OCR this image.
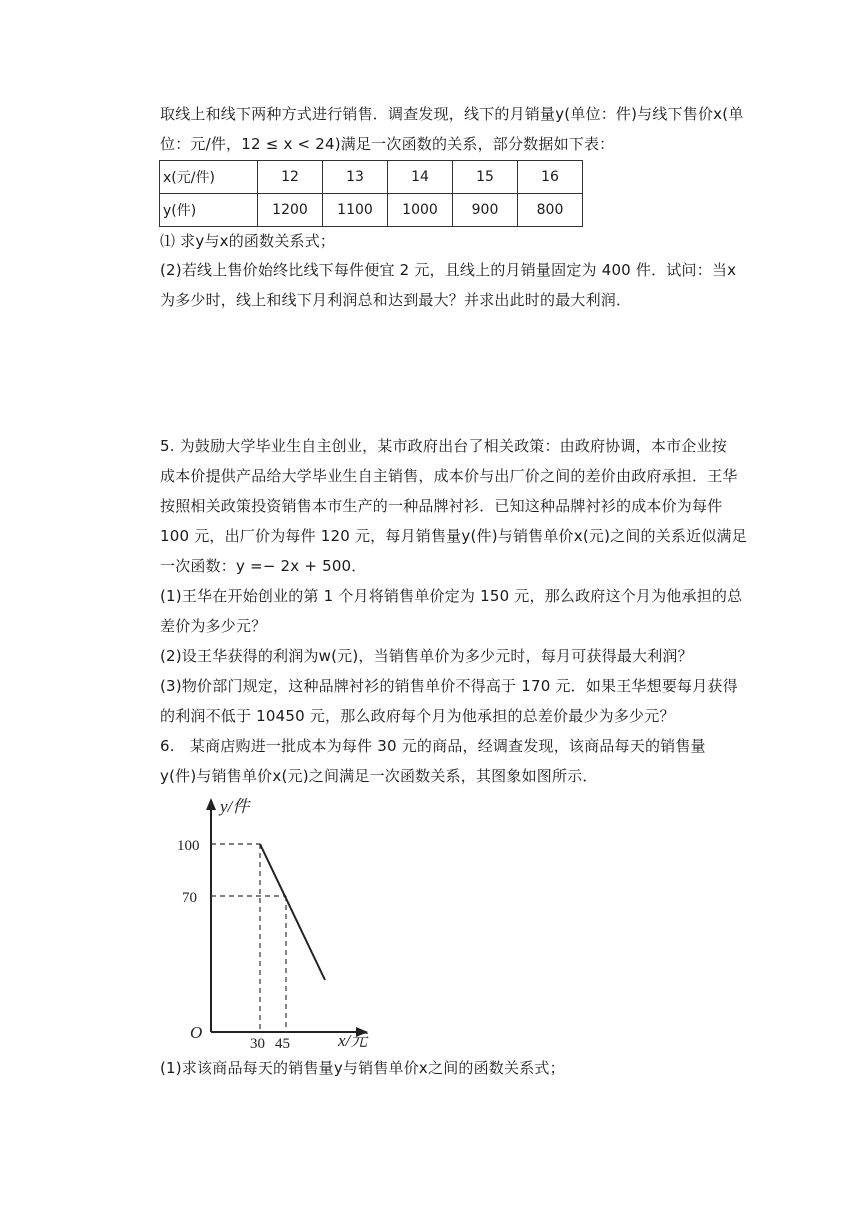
取线上和线下两种方式进行销售．调查发现，线下的月销量y(单位：件)与线下售价x(单
位：元/件，12 ≤ x < 24)满足一次函数的关系，部分数据如下表：
x(元/件)	12	13	14	15	16
y(件)	1200	1100	1000	900	800
⑴ 求y与x的函数关系式；
(2)若线上售价始终比线下每件便宜 2 元，且线上的月销量固定为 400 件．试问：当x
为多少时，线上和线下月利润总和达到最大？并求出此时的最大利润．
5. 为鼓励大学毕业生自主创业，某市政府出台了相关政策：由政府协调，本市企业按
成本价提供产品给大学毕业生自主销售，成本价与出厂价之间的差价由政府承担．王华
按照相关政策投资销售本市生产的一种品牌衬衫．已知这种品牌衬衫的成本价为每件
100 元，出厂价为每件 120 元，每月销售量y(件)与销售单价x(元)之间的关系近似满足
一次函数：y =− 2x + 500．
(1)王华在开始创业的第 1 个月将销售单价定为 150 元，那么政府这个月为他承担的总
差价为多少元？
(2)设王华获得的利润为w(元)，当销售单价为多少元时，每月可获得最大利润？
(3)物价部门规定，这种品牌衬衫的销售单价不得高于 170 元．如果王华想要每月获得
的利润不低于 10450 元，那么政府每个月为他承担的总差价最少为多少元？
6.　某商店购进一批成本为每件 30 元的商品，经调查发现，该商品每天的销售量
y(件)与销售单价x(元)之间满足一次函数关系，其图象如图所示．
y/件
x/元
O
100
70
30 45
(1)求该商品每天的销售量y与销售单价x之间的函数关系式；
